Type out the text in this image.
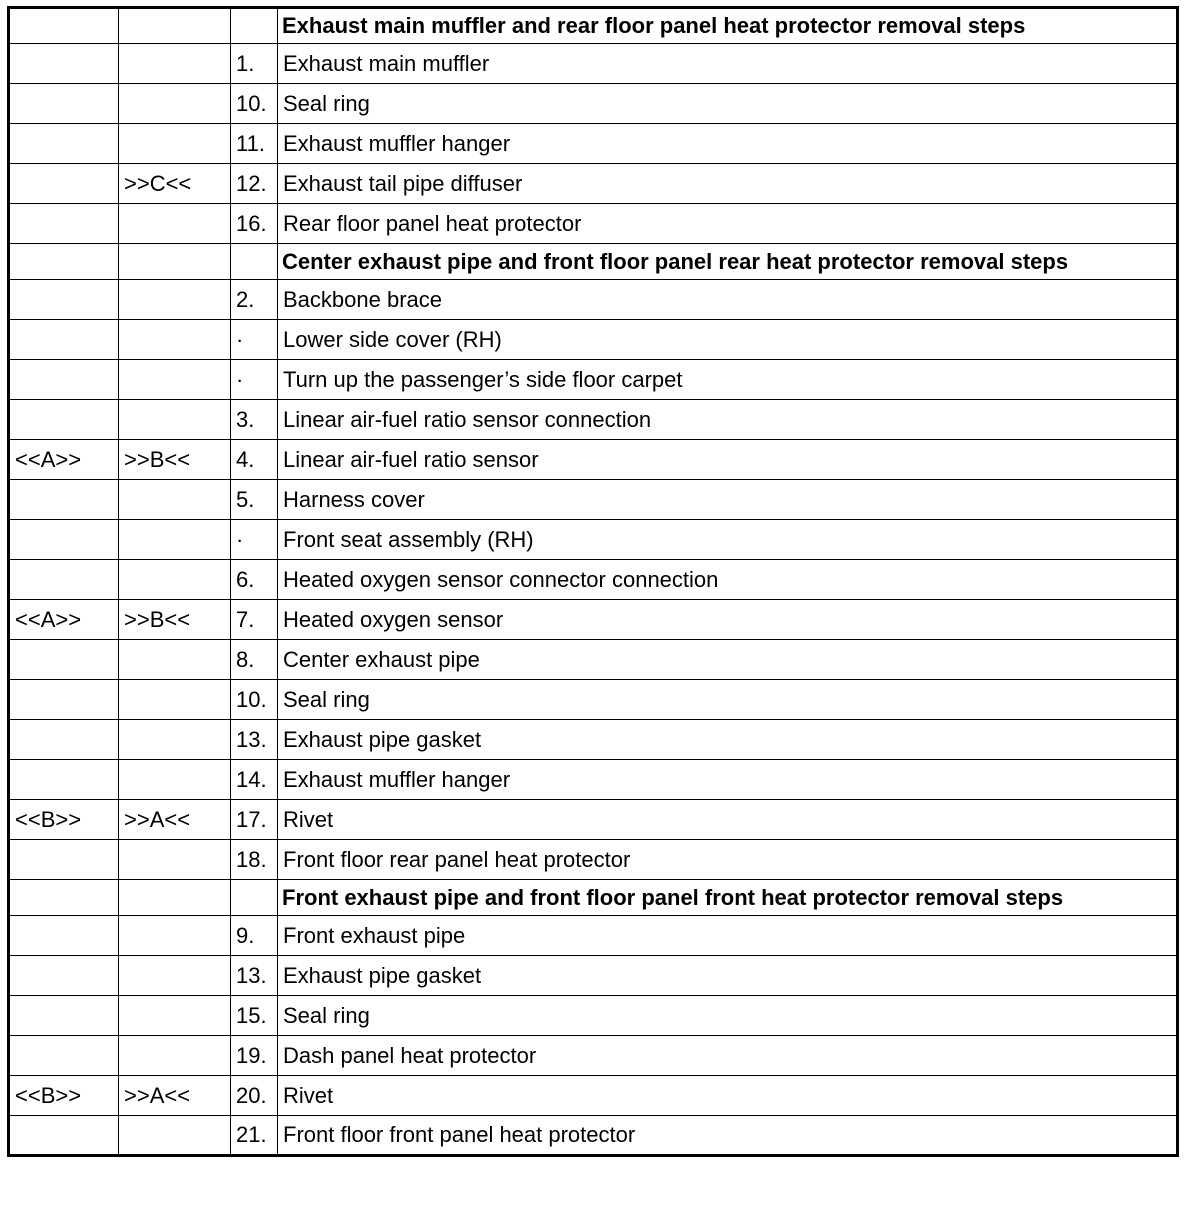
			Exhaust main muffler and rear floor panel heat protector removal steps
		1.	Exhaust main muffler
		10.	Seal ring
		11.	Exhaust muffler hanger
	>>C<<	12.	Exhaust tail pipe diffuser
		16.	Rear floor panel heat protector
			Center exhaust pipe and front floor panel rear heat protector removal steps
		2.	Backbone brace
		·	Lower side cover (RH)
		·	Turn up the passenger’s side floor carpet
		3.	Linear air-fuel ratio sensor connection
<<A>>	>>B<<	4.	Linear air-fuel ratio sensor
		5.	Harness cover
		·	Front seat assembly (RH)
		6.	Heated oxygen sensor connector connection
<<A>>	>>B<<	7.	Heated oxygen sensor
		8.	Center exhaust pipe
		10.	Seal ring
		13.	Exhaust pipe gasket
		14.	Exhaust muffler hanger
<<B>>	>>A<<	17.	Rivet
		18.	Front floor rear panel heat protector
			Front exhaust pipe and front floor panel front heat protector removal steps
		9.	Front exhaust pipe
		13.	Exhaust pipe gasket
		15.	Seal ring
		19.	Dash panel heat protector
<<B>>	>>A<<	20.	Rivet
		21.	Front floor front panel heat protector
